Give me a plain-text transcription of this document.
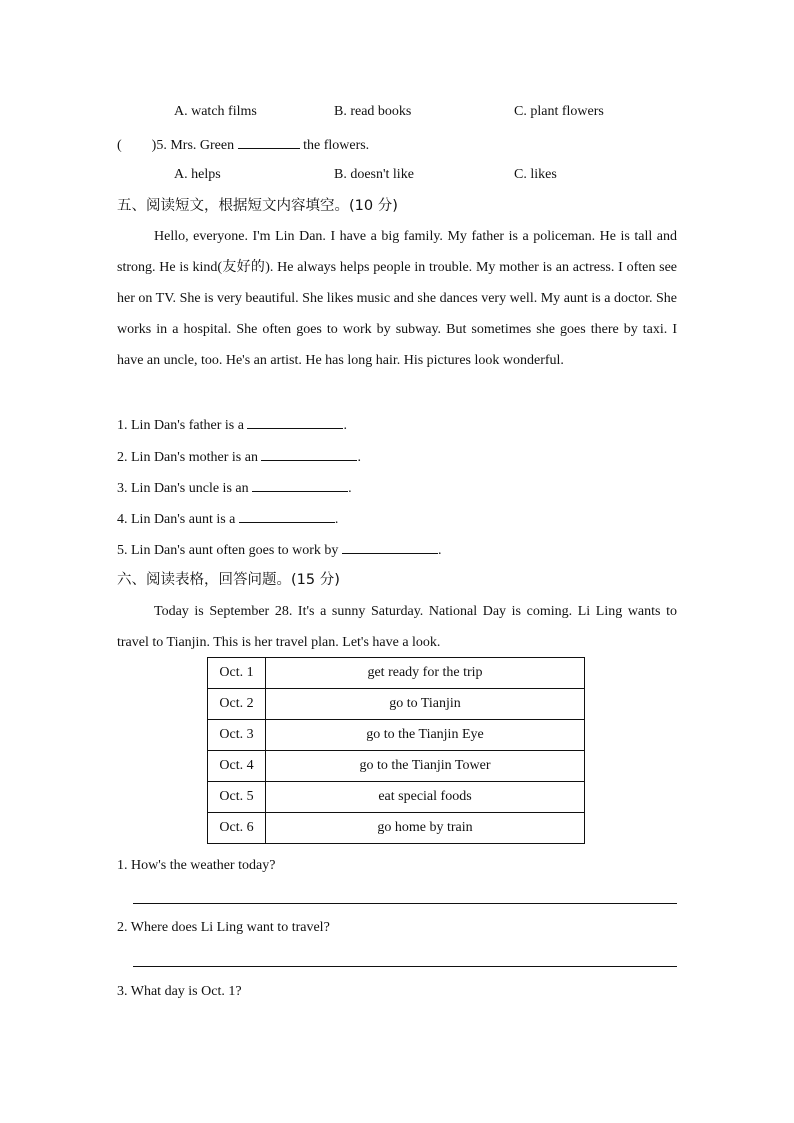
A. watch films	B. read books	C. plant flowers
( )5. Mrs. Green	the flowers.
A. helps	B. doesn't like	C. likes
五、阅读短文，根据短文内容填空。(10 分)
Hello, everyone. I'm Lin Dan. I have a big family. My father is a policeman. He is tall and strong. He is kind(友好的). He always helps people in trouble. My mother is an actress. I often see her on TV. She is very beautiful. She likes music and she dances very well. My aunt is a doctor. She works in a hospital. She often goes to work by subway. But sometimes she goes there by taxi. I have an uncle, too. He's an artist. He has long hair. His pictures look wonderful.
1. Lin Dan's father is a	.
2. Lin Dan's mother is an	.
3. Lin Dan's uncle is an	.
4. Lin Dan's aunt is a	.
5. Lin Dan's aunt often goes to work by	.
六、阅读表格，回答问题。(15 分)
Today is September 28. It's a sunny Saturday. National Day is coming. Li Ling wants to travel to Tianjin. This is her travel plan. Let's have a look.
Oct. 1	get ready for the trip
Oct. 2	go to Tianjin
Oct. 3	go to the Tianjin Eye
Oct. 4	go to the Tianjin Tower
Oct. 5	eat special foods
Oct. 6	go home by train
1. How's the weather today?
2. Where does Li Ling want to travel?
3. What day is Oct. 1?
